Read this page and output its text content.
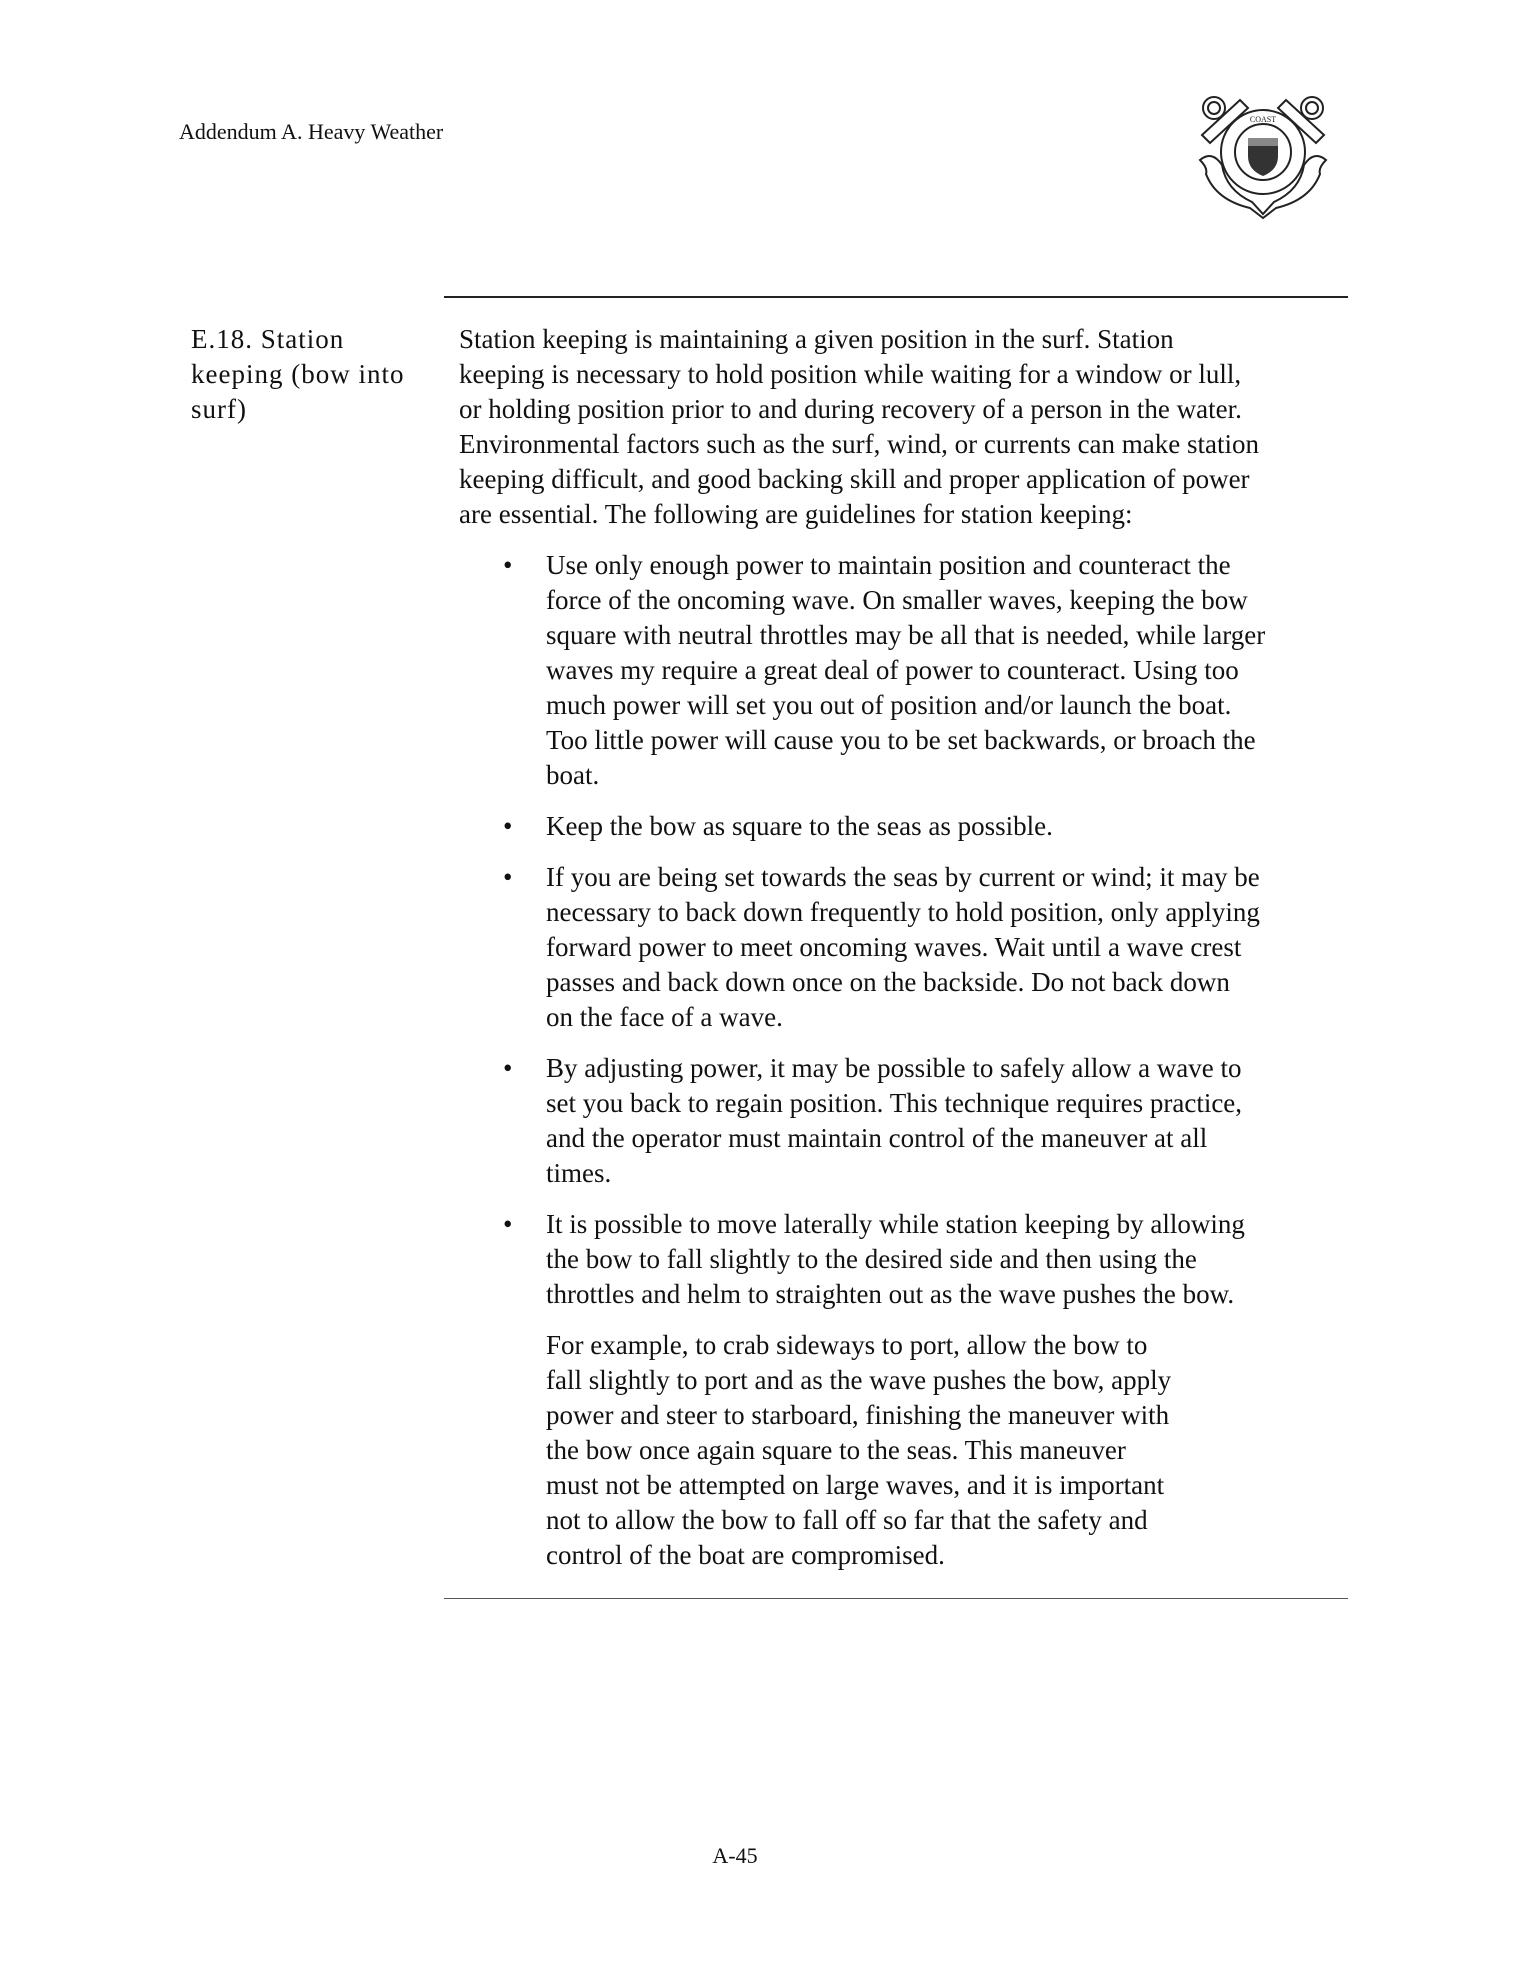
Addendum A. Heavy Weather	COAST
E.18. Station
keeping (bow into
surf)
Station keeping is maintaining a given position in the surf. Station
keeping is necessary to hold position while waiting for a window or lull,
or holding position prior to and during recovery of a person in the water.
Environmental factors such as the surf, wind, or currents can make station
keeping difficult, and good backing skill and proper application of power
are essential. The following are guidelines for station keeping:
• Use only enough power to maintain position and counteract the
force of the oncoming wave. On smaller waves, keeping the bow
square with neutral throttles may be all that is needed, while larger
waves my require a great deal of power to counteract. Using too
much power will set you out of position and/or launch the boat.
Too little power will cause you to be set backwards, or broach the
boat.
• Keep the bow as square to the seas as possible.
• If you are being set towards the seas by current or wind; it may be
necessary to back down frequently to hold position, only applying
forward power to meet oncoming waves. Wait until a wave crest
passes and back down once on the backside. Do not back down
on the face of a wave.
• By adjusting power, it may be possible to safely allow a wave to
set you back to regain position. This technique requires practice,
and the operator must maintain control of the maneuver at all
times.
• It is possible to move laterally while station keeping by allowing
the bow to fall slightly to the desired side and then using the
throttles and helm to straighten out as the wave pushes the bow.
For example, to crab sideways to port, allow the bow to
fall slightly to port and as the wave pushes the bow, apply
power and steer to starboard, finishing the maneuver with
the bow once again square to the seas. This maneuver
must not be attempted on large waves, and it is important
not to allow the bow to fall off so far that the safety and
control of the boat are compromised.
A-45
